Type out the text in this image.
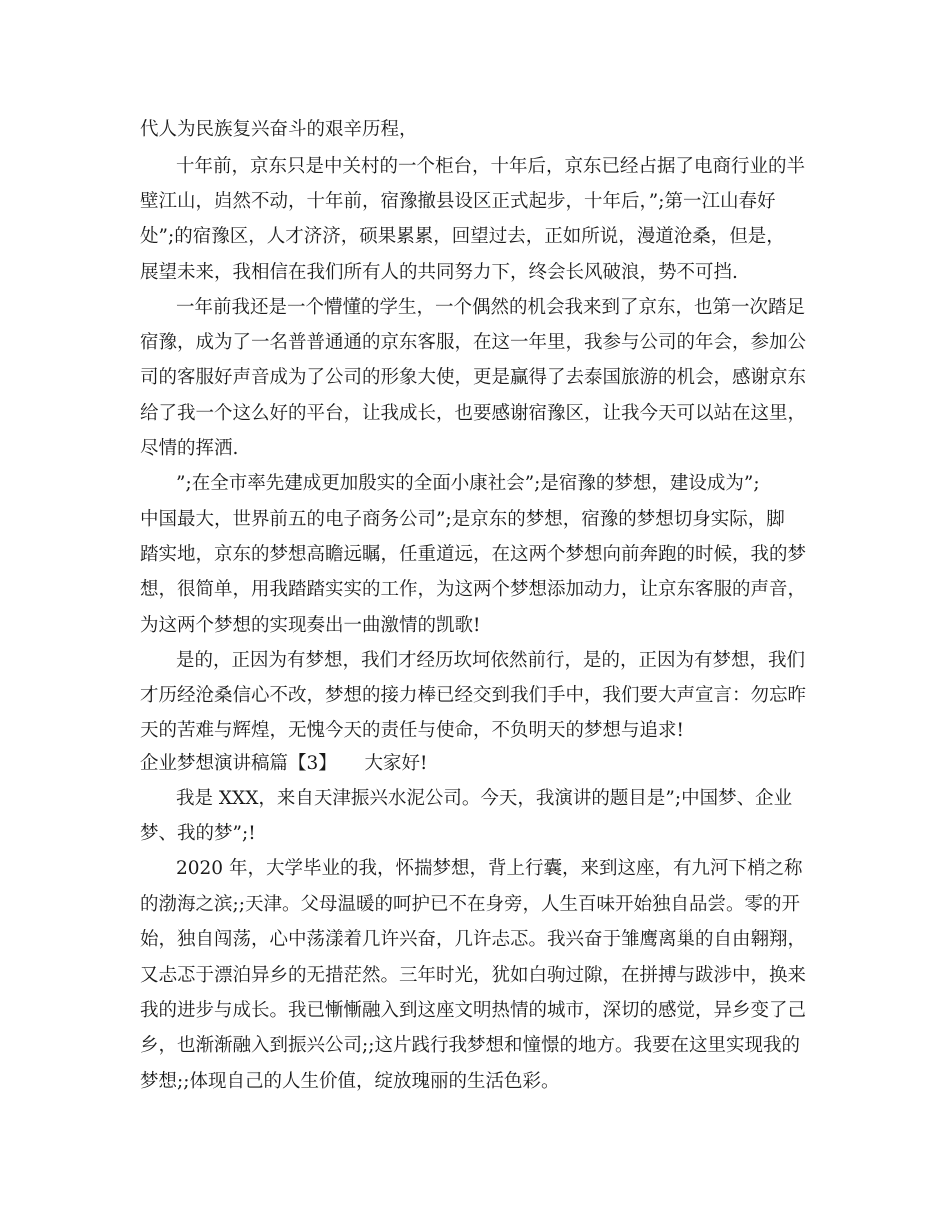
代人为民族复兴奋斗的艰辛历程，
十年前，京东只是中关村的一个柜台，十年后，京东已经占据了电商行业的半
壁江山，岿然不动，十年前，宿豫撤县设区正式起步，十年后，”;第一江山春好
处”;的宿豫区，人才济济，硕果累累，回望过去，正如所说，漫道沧桑，但是，
展望未来，我相信在我们所有人的共同努力下，终会长风破浪，势不可挡.
一年前我还是一个懵懂的学生，一个偶然的机会我来到了京东，也第一次踏足
宿豫，成为了一名普普通通的京东客服，在这一年里，我参与公司的年会，参加公
司的客服好声音成为了公司的形象大使，更是赢得了去泰国旅游的机会，感谢京东
给了我一个这么好的平台，让我成长，也要感谢宿豫区，让我今天可以站在这里，
尽情的挥洒.
”;在全市率先建成更加殷实的全面小康社会”;是宿豫的梦想，建设成为”;
中国最大，世界前五的电子商务公司”;是京东的梦想，宿豫的梦想切身实际，脚
踏实地，京东的梦想高瞻远瞩，任重道远，在这两个梦想向前奔跑的时候，我的梦
想，很简单，用我踏踏实实的工作，为这两个梦想添加动力，让京东客服的声音，
为这两个梦想的实现奏出一曲激情的凯歌!
是的，正因为有梦想，我们才经历坎坷依然前行，是的，正因为有梦想，我们
才历经沧桑信心不改，梦想的接力棒已经交到我们手中，我们要大声宣言：勿忘昨
天的苦难与辉煌，无愧今天的责任与使命，不负明天的梦想与追求!
企业梦想演讲稿篇【3】　　大家好!
我是 XXX，来自天津振兴水泥公司。今天，我演讲的题目是”;中国梦、企业
梦、我的梦”;!
2020 年，大学毕业的我，怀揣梦想，背上行囊，来到这座，有九河下梢之称
的渤海之滨;;天津。父母温暖的呵护已不在身旁，人生百味开始独自品尝。零的开
始，独自闯荡，心中荡漾着几许兴奋，几许忐忑。我兴奋于雏鹰离巢的自由翱翔，
又忐忑于漂泊异乡的无措茫然。三年时光，犹如白驹过隙，在拼搏与跋涉中，换来
我的进步与成长。我已慚慚融入到这座文明热情的城市，深切的感觉，异乡变了己
乡，也渐渐融入到振兴公司;;这片践行我梦想和憧憬的地方。我要在这里实现我的
梦想;;体现自己的人生价值，绽放瑰丽的生活色彩。
